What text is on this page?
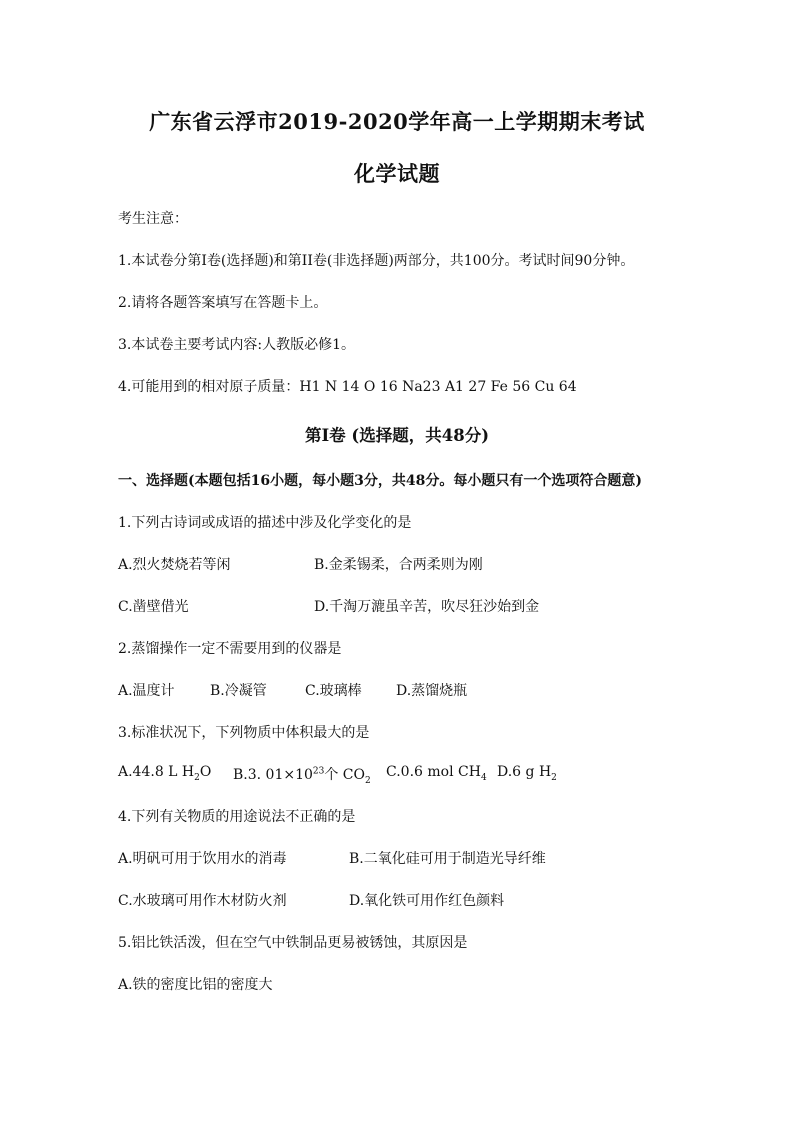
广东省云浮市2019-2020学年高一上学期期末考试
化学试题
考生注意：
1.本试卷分第I卷(选择题)和第II卷(非选择题)两部分，共100分。考试时间90分钟。
2.请将各题答案填写在答题卡上。
3.本试卷主要考试内容:人教版必修1。
4.可能用到的相对原子质量：H1 N 14 O 16 Na23 A1 27 Fe 56 Cu 64
第I卷 (选择题，共48分)
一、选择题(本题包括16小题，每小题3分，共48分。每小题只有一个选项符合题意)
1.下列古诗词或成语的描述中涉及化学变化的是
A.烈火焚烧若等闲	B.金柔锡柔，合两柔则为刚
C.凿壁借光	D.千淘万漉虽辛苦，吹尽狂沙始到金
2.蒸馏操作一定不需要用到的仪器是
A.温度计	B.冷凝管	C.玻璃棒 D.蒸馏烧瓶
3.标准状况下，下列物质中体积最大的是
A.44.8 L $H_2O$ B.3. $01\times 10^{23}$个 $CO_2$
C.0.6 mol $CH_4$ D.6 g $H_2$
4.下列有关物质的用途说法不正确的是
A.明矾可用于饮用水的消毒	B.二氧化硅可用于制造光导纤维
C.水玻璃可用作木材防火剂	D.氧化铁可用作红色颜料
5.铝比铁活泼，但在空气中铁制品更易被锈蚀，其原因是
A.铁的密度比铝的密度大
